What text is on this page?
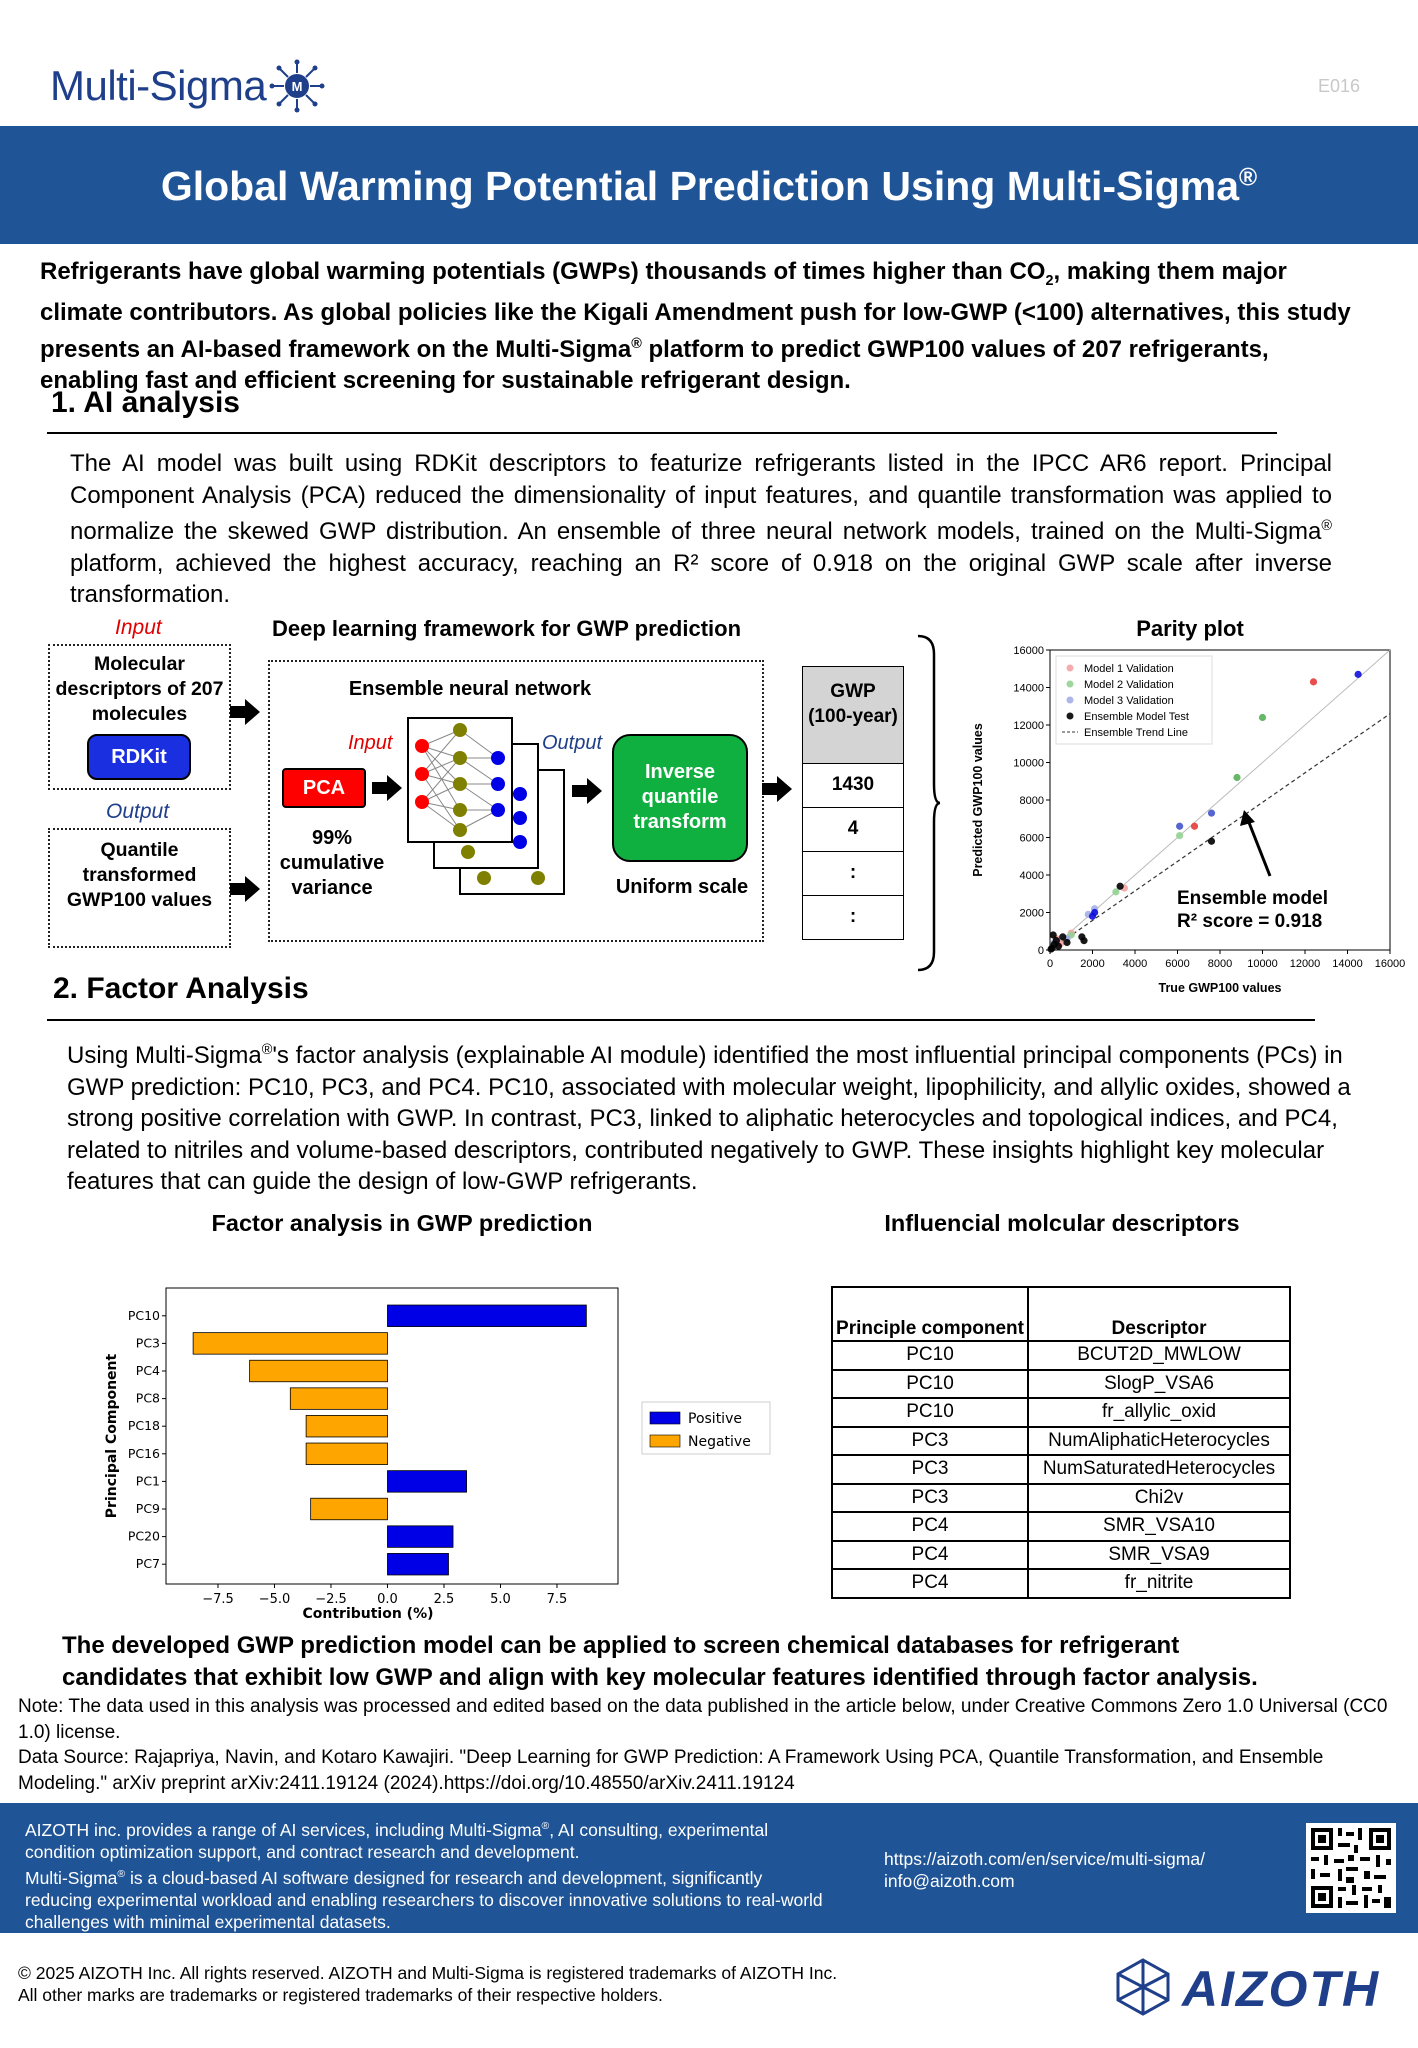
Multi-Sigma M	E016
Global Warming Potential Prediction Using Multi-Sigma®
Refrigerants have global warming potentials (GWPs) thousands of times higher than $CO_2$, making them major climate contributors. As global policies like the Kigali Amendment push for low-GWP (<100) alternatives, this study presents an AI-based framework on the Multi-Sigma® platform to predict GWP100 values of 207 refrigerants, enabling fast and efficient screening for sustainable refrigerant design.
1. AI analysis
The AI model was built using RDKit descriptors to featurize refrigerants listed in the IPCC AR6 report. Principal Component Analysis (PCA) reduced the dimensionality of input features, and quantile transformation was applied to normalize the skewed GWP distribution. An ensemble of three neural network models, trained on the Multi-Sigma® platform, achieved the highest accuracy, reaching an R² score of 0.918 on the original GWP scale after inverse transformation.
Input	Deep learning framework for GWP prediction
Molecular descriptors of 207 molecules
RDKit
Output
Quantile transformed GWP100 values
Ensemble neural network
Input	Output
PCA
99% cumulative variance
Inverse quantile transform
Uniform scale
GWP (100-year)
1430
4
:
:
Parity plot
0 2000 4000 6000 8000 10000 12000 14000 16000
0
2000
4000
6000
8000
10000
12000
14000
16000
True GWP100 values
Predicted GWP100 values
Model 1 Validation
Model 2 Validation
Model 3 Validation
Ensemble Model Test
Ensemble Trend Line
Ensemble model
R² score = 0.918
2. Factor Analysis
Using Multi-Sigma®'s factor analysis (explainable AI module) identified the most influential principal components (PCs) in GWP prediction: PC10, PC3, and PC4. PC10, associated with molecular weight, lipophilicity, and allylic oxides, showed a strong positive correlation with GWP. In contrast, PC3, linked to aliphatic heterocycles and topological indices, and PC4, related to nitriles and volume-based descriptors, contributed negatively to GWP. These insights highlight key molecular features that can guide the design of low-GWP refrigerants.
Factor analysis in GWP prediction	Influencial molcular descriptors
PC10
PC3
PC4
PC8
PC18
PC16
PC1
PC9
PC20
PC7
−7.5 −5.0 −2.5 0.0	2.5	5.0	7.5
Contribution (%)
Principal Component	Positive
Negative
Principle component	Descriptor
PC10	BCUT2D_MWLOW
PC10	SlogP_VSA6
PC10	fr_allylic_oxid
PC3	NumAliphaticHeterocycles
PC3	NumSaturatedHeterocycles
PC3	Chi2v
PC4	SMR_VSA10
PC4	SMR_VSA9
PC4	fr_nitrite
The developed GWP prediction model can be applied to screen chemical databases for refrigerant
candidates that exhibit low GWP and align with key molecular features identified through factor analysis.
Note: The data used in this analysis was processed and edited based on the data published in the article below, under Creative Commons Zero 1.0 Universal (CC0 1.0) license.
Data Source: Rajapriya, Navin, and Kotaro Kawajiri. "Deep Learning for GWP Prediction: A Framework Using PCA, Quantile Transformation, and Ensemble Modeling." arXiv preprint arXiv:2411.19124 (2024).https://doi.org/10.48550/arXiv.2411.19124
AIZOTH inc. provides a range of AI services, including Multi-Sigma®, AI consulting, experimental condition optimization support, and contract research and development.
Multi-Sigma® is a cloud-based AI software designed for research and development, significantly reducing experimental workload and enabling researchers to discover innovative solutions to real-world challenges with minimal experimental datasets.
https://aizoth.com/en/service/multi-sigma/
info@aizoth.com
© 2025 AIZOTH Inc. All rights reserved. AIZOTH and Multi-Sigma is registered trademarks of AIZOTH Inc.
All other marks are trademarks or registered trademarks of their respective holders.	AIZOTH
